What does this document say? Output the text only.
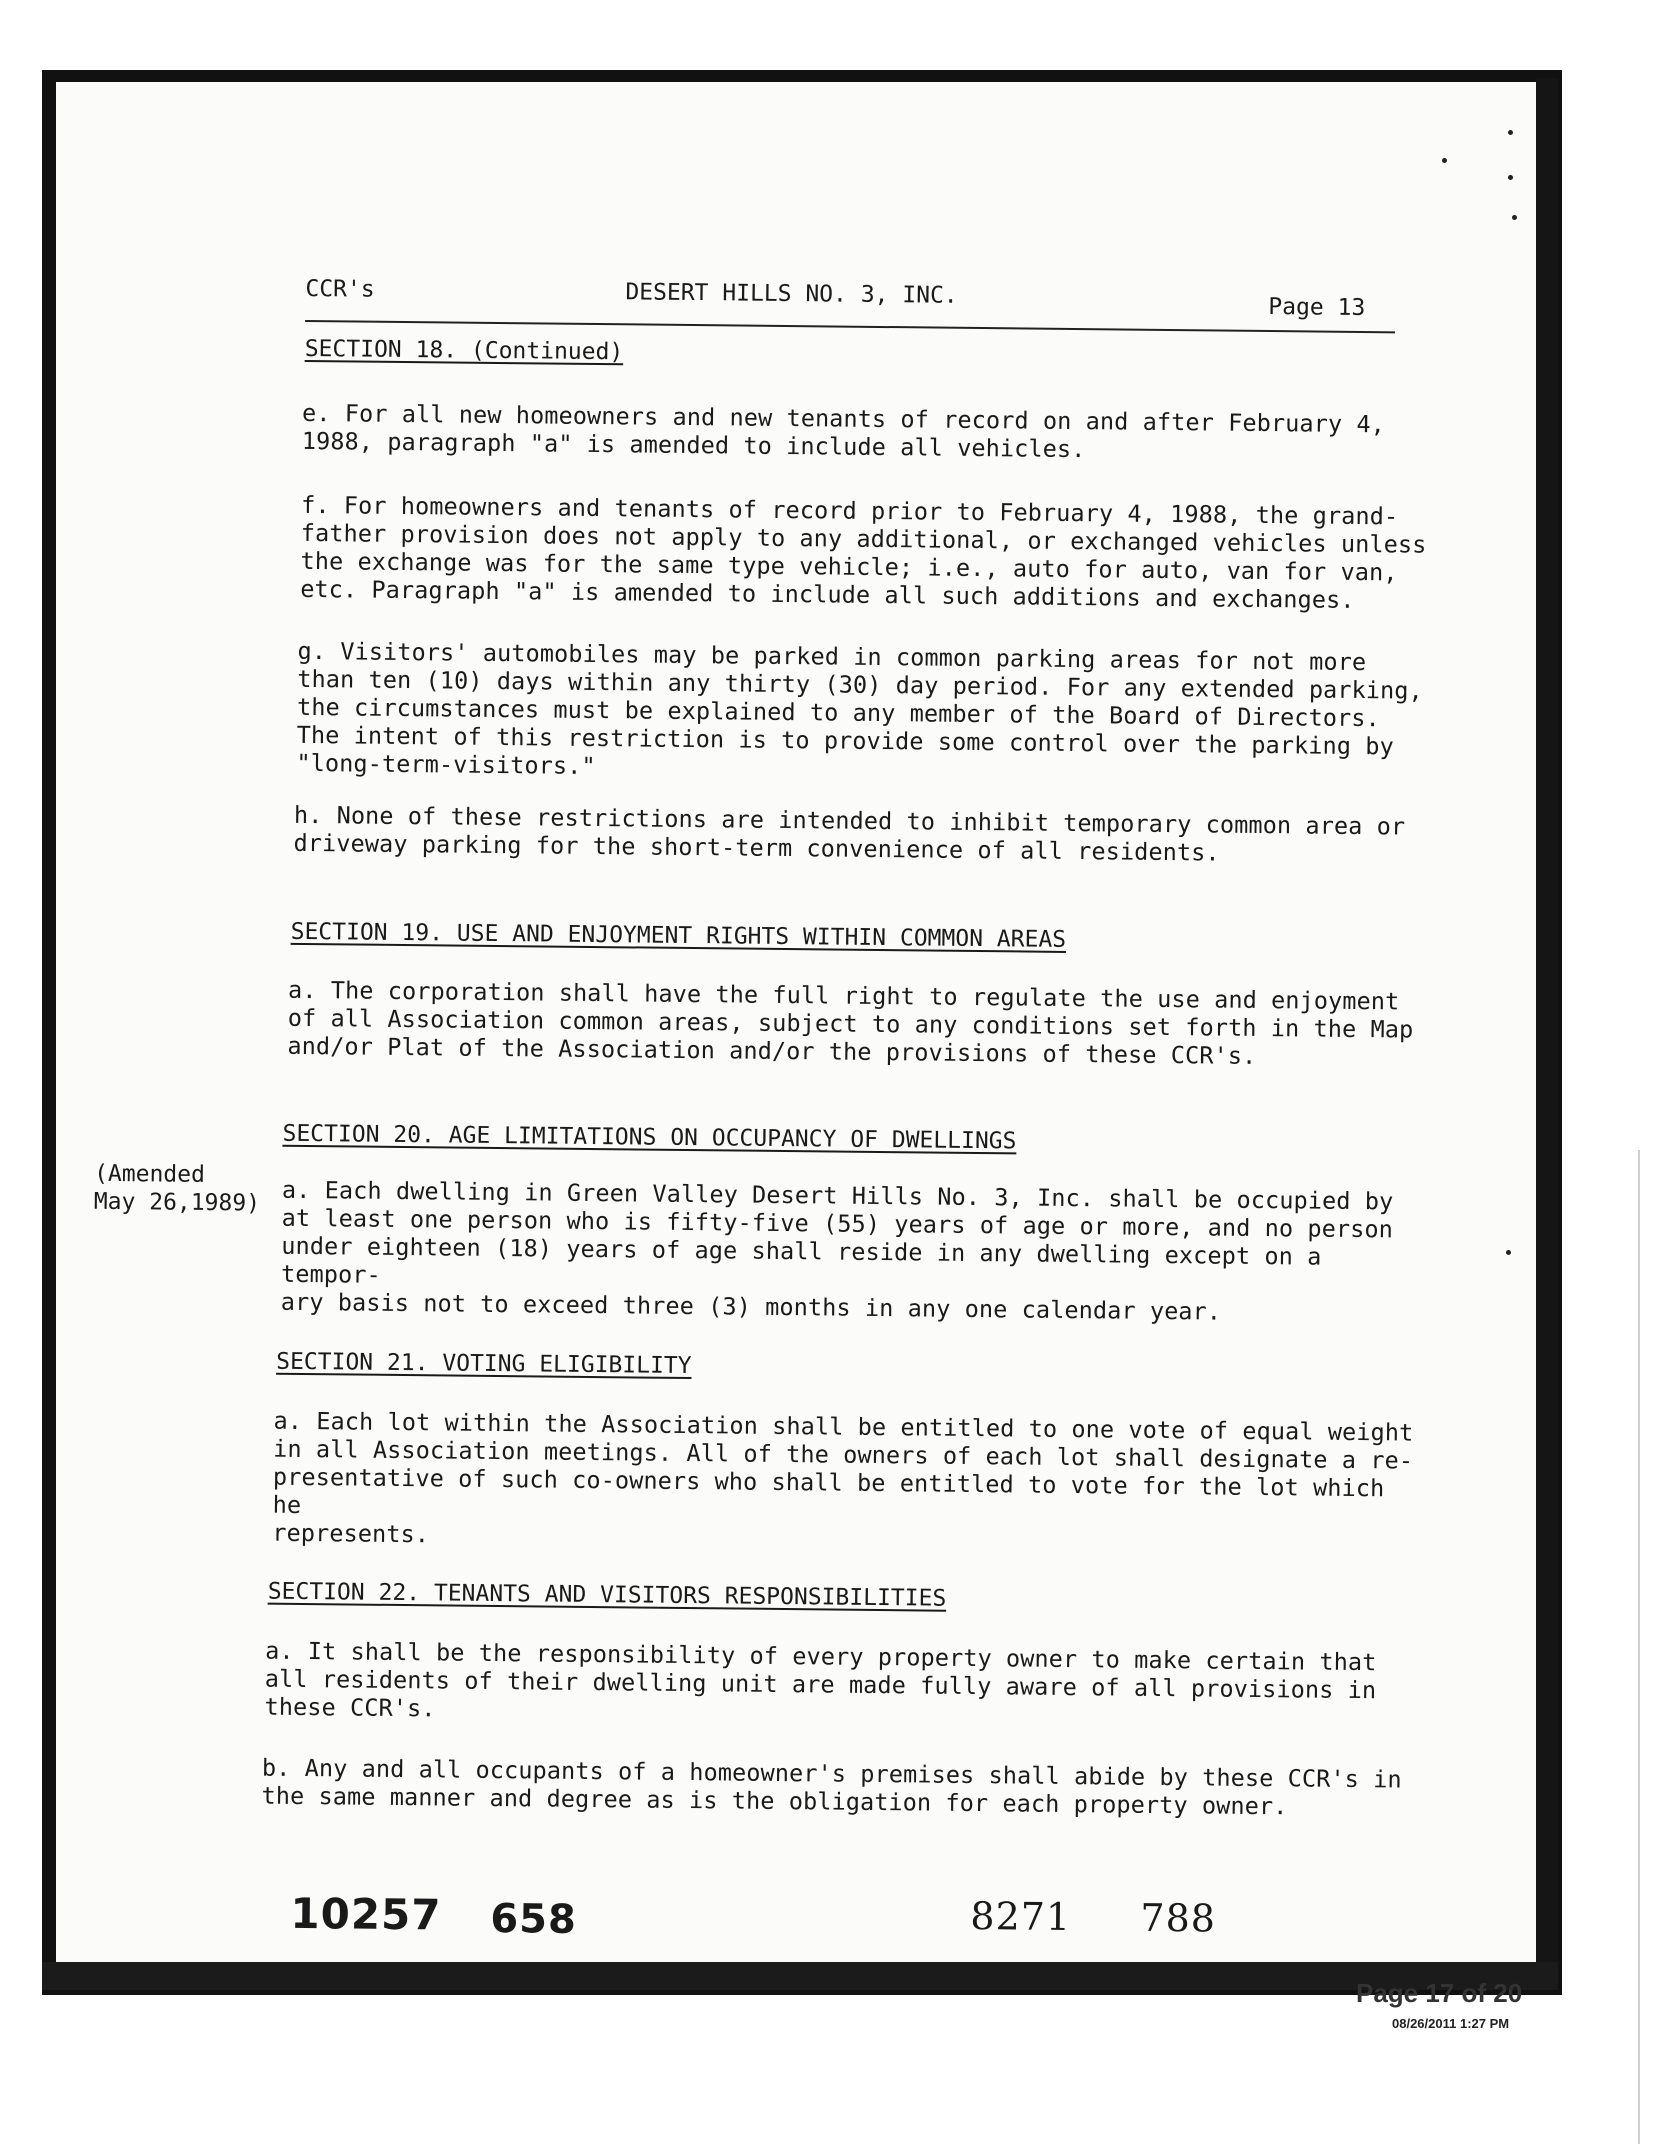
CCR's	DESERT HILLS NO. 3, INC.	Page 13
SECTION 18. (Continued)
e. For all new homeowners and new tenants of record on and after February 4,
1988, paragraph "a" is amended to include all vehicles.
f. For homeowners and tenants of record prior to February 4, 1988, the grand-
father provision does not apply to any additional, or exchanged vehicles unless
the exchange was for the same type vehicle; i.e., auto for auto, van for van,
etc. Paragraph "a" is amended to include all such additions and exchanges.
g. Visitors' automobiles may be parked in common parking areas for not more
than ten (10) days within any thirty (30) day period. For any extended parking,
the circumstances must be explained to any member of the Board of Directors.
The intent of this restriction is to provide some control over the parking by
"long-term-visitors."
h. None of these restrictions are intended to inhibit temporary common area or
driveway parking for the short-term convenience of all residents.
SECTION 19. USE AND ENJOYMENT RIGHTS WITHIN COMMON AREAS
a. The corporation shall have the full right to regulate the use and enjoyment
of all Association common areas, subject to any conditions set forth in the Map
and/or Plat of the Association and/or the provisions of these CCR's.
SECTION 20. AGE LIMITATIONS ON OCCUPANCY OF DWELLINGS
(Amended
May 26,1989) a. Each dwelling in Green Valley Desert Hills No. 3, Inc. shall be occupied by
at least one person who is fifty-five (55) years of age or more, and no person
under eighteen (18) years of age shall reside in any dwelling except on a tempor-
ary basis not to exceed three (3) months in any one calendar year.
SECTION 21. VOTING ELIGIBILITY
a. Each lot within the Association shall be entitled to one vote of equal weight
in all Association meetings. All of the owners of each lot shall designate a re-
presentative of such co-owners who shall be entitled to vote for the lot which he
represents.
SECTION 22. TENANTS AND VISITORS RESPONSIBILITIES
a. It shall be the responsibility of every property owner to make certain that
all residents of their dwelling unit are made fully aware of all provisions in
these CCR's.
b. Any and all occupants of a homeowner's premises shall abide by these CCR's in
the same manner and degree as is the obligation for each property owner.
10257 658	8271 788
Page 17 of 20
08/26/2011 1:27 PM
